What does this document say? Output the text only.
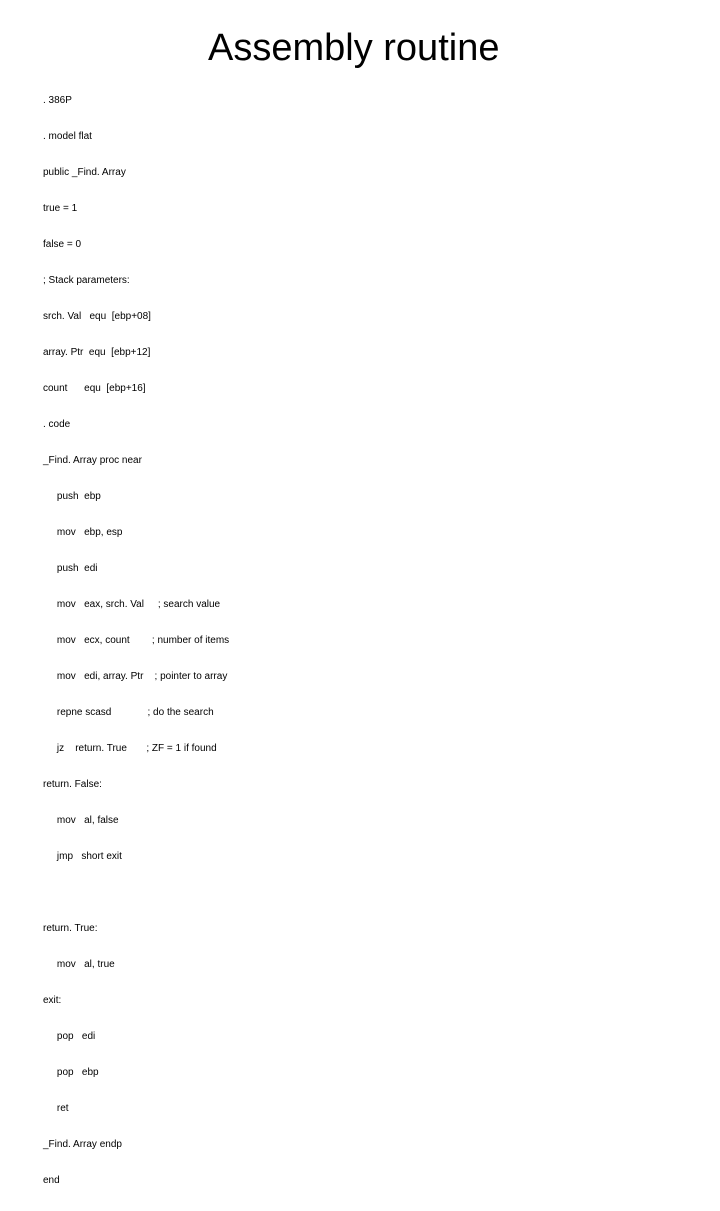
Assembly routine

. 386P

. model flat

public _Find. Array

true = 1

false = 0

; Stack parameters:

srch. Val   equ  [ebp+08]

array. Ptr  equ  [ebp+12]

count      equ  [ebp+16]

. code

_Find. Array proc near

push  ebp

mov   ebp, esp

push  edi

mov   eax, srch. Val     ; search value

mov   ecx, count        ; number of items

mov   edi, array. Ptr    ; pointer to array

repne scasd             ; do the search

jz    return. True       ; ZF = 1 if found

return. False:

mov   al, false

jmp   short exit

return. True:

mov   al, true

exit:

pop   edi

pop   ebp

ret

_Find. Array endp

end
